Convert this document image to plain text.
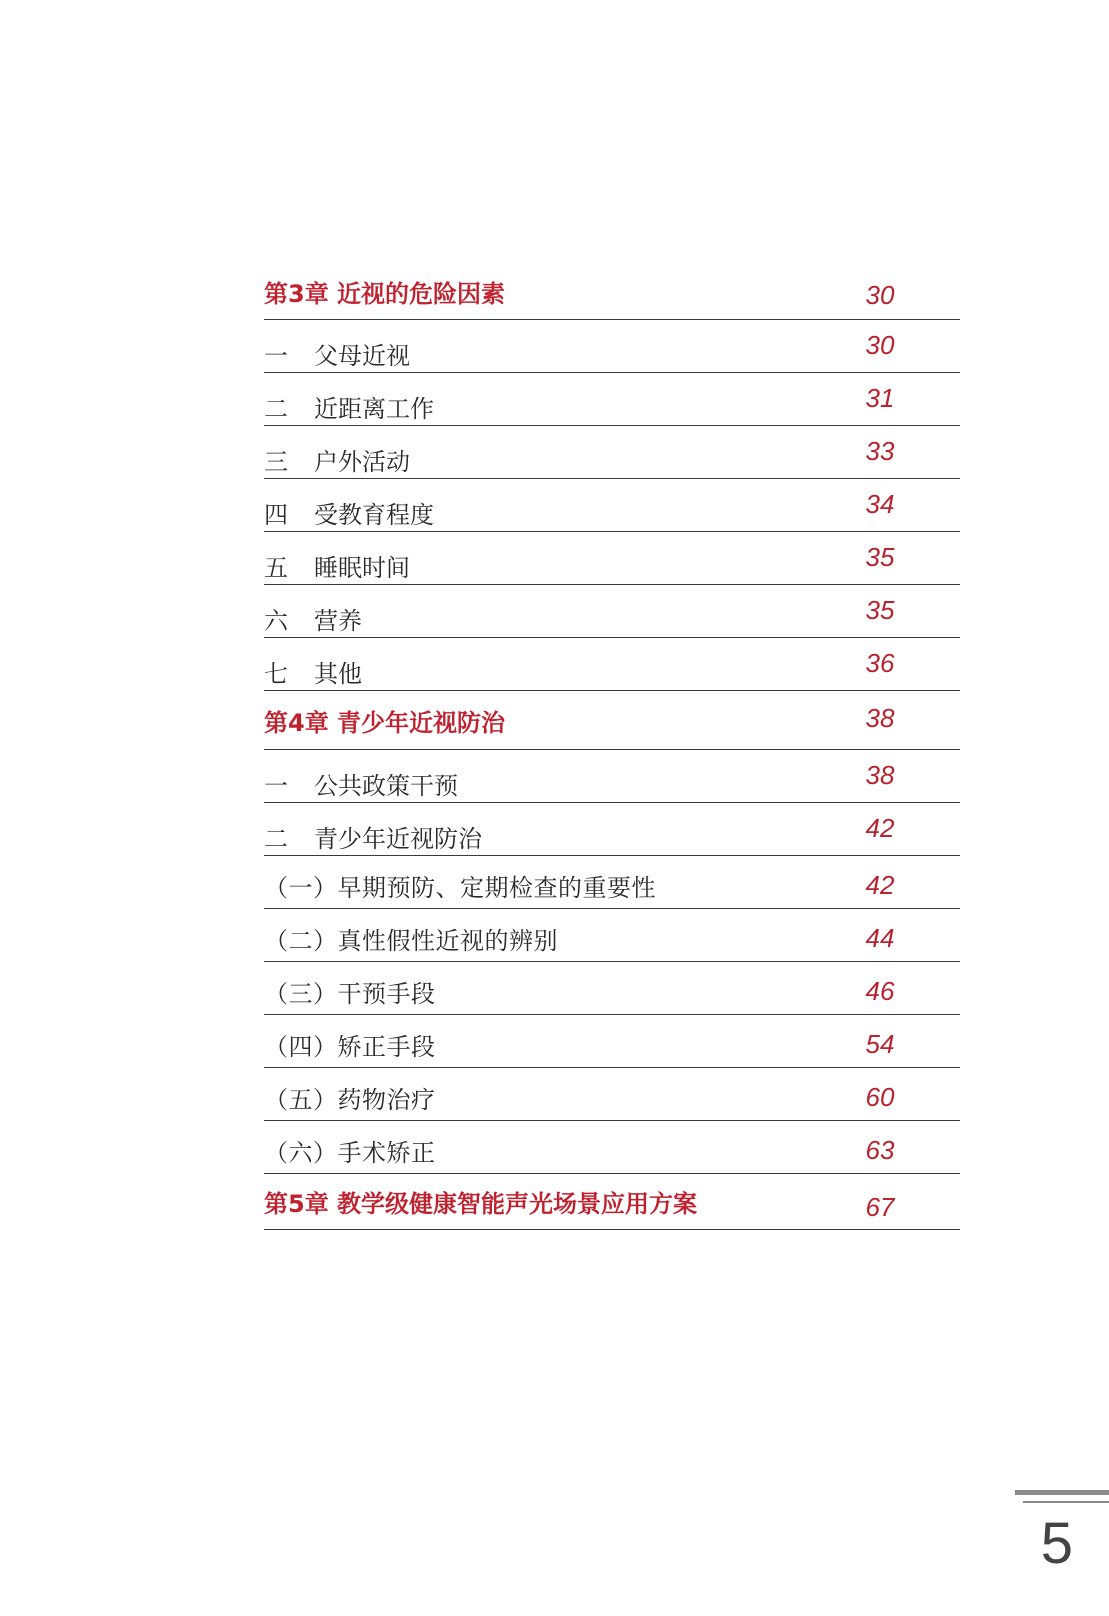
第3章 近视的危险因素	30
一 父母近视	30
二 近距离工作	31
三 户外活动	33
四 受教育程度	34
五 睡眠时间	35
六 营养	35
七 其他	36
第4章 青少年近视防治	38
一 公共政策干预	38
二 青少年近视防治	42
（一）早期预防、定期检查的重要性	42
（二）真性假性近视的辨别	44
（三）干预手段	46
（四）矫正手段	54
（五）药物治疗	60
（六）手术矫正	63
第5章 教学级健康智能声光场景应用方案	67
5
